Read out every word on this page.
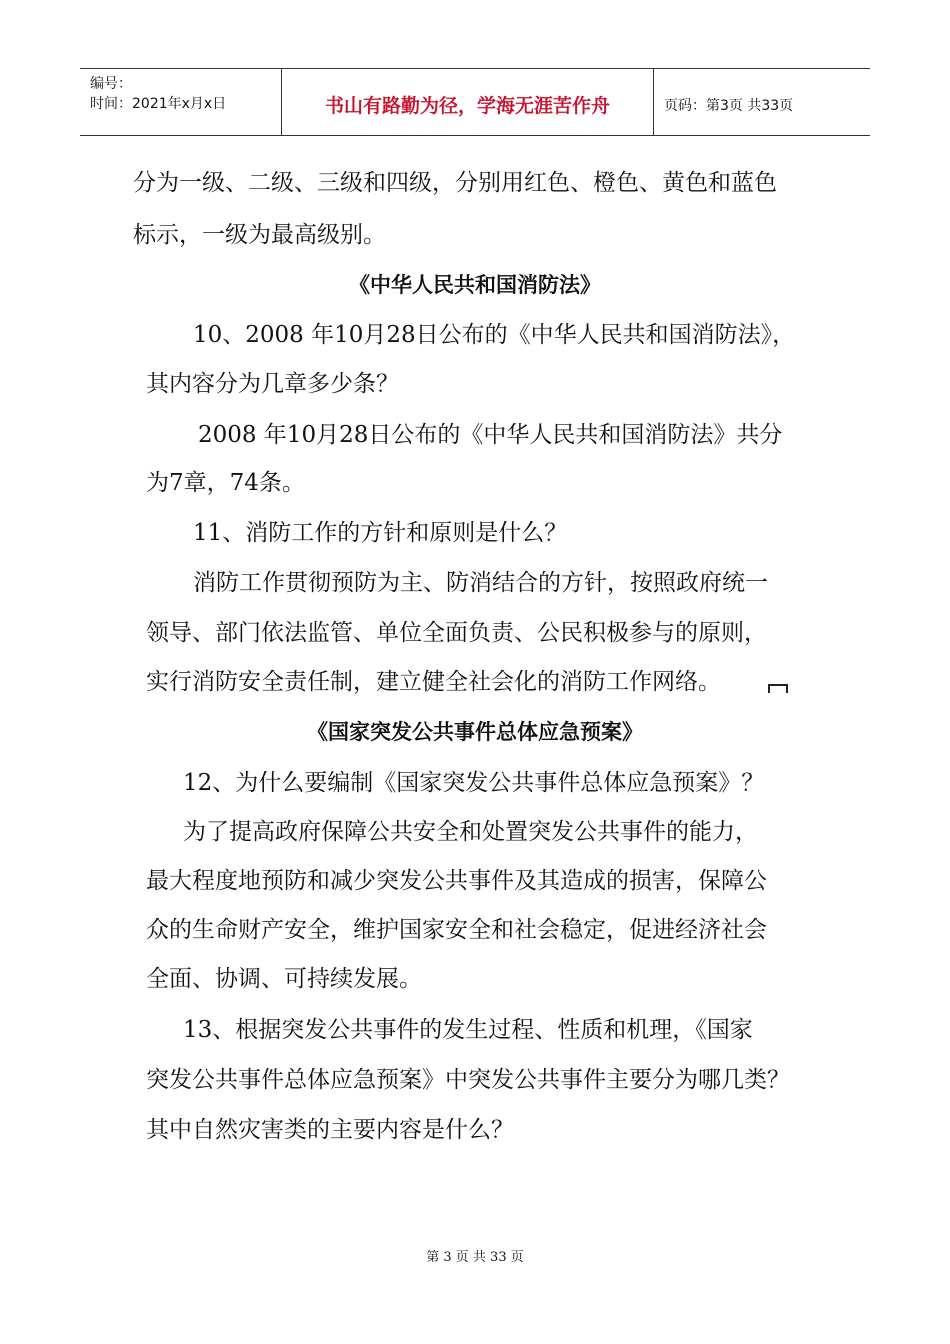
编号：
时间：2021年x月x日	书山有路勤为径，学海无涯苦作舟	页码：第3页 共33页
分为一级、二级、三级和四级，分别用红色、橙色、黄色和蓝色
标示，一级为最高级别。
《中华人民共和国消防法》
10、2008 年10月28日公布的《中华人民共和国消防法》，
其内容分为几章多少条？
2008 年10月28日公布的《中华人民共和国消防法》共分
为7章，74条。
11、消防工作的方针和原则是什么？
消防工作贯彻预防为主、防消结合的方针，按照政府统一
领导、部门依法监管、单位全面负责、公民积极参与的原则，
实行消防安全责任制，建立健全社会化的消防工作网络。
《国家突发公共事件总体应急预案》
12、为什么要编制《国家突发公共事件总体应急预案》？
为了提高政府保障公共安全和处置突发公共事件的能力，
最大程度地预防和减少突发公共事件及其造成的损害，保障公
众的生命财产安全，维护国家安全和社会稳定，促进经济社会
全面、协调、可持续发展。
13、根据突发公共事件的发生过程、性质和机理，《国家
突发公共事件总体应急预案》中突发公共事件主要分为哪几类？
其中自然灾害类的主要内容是什么？
第 3 页 共 33 页
